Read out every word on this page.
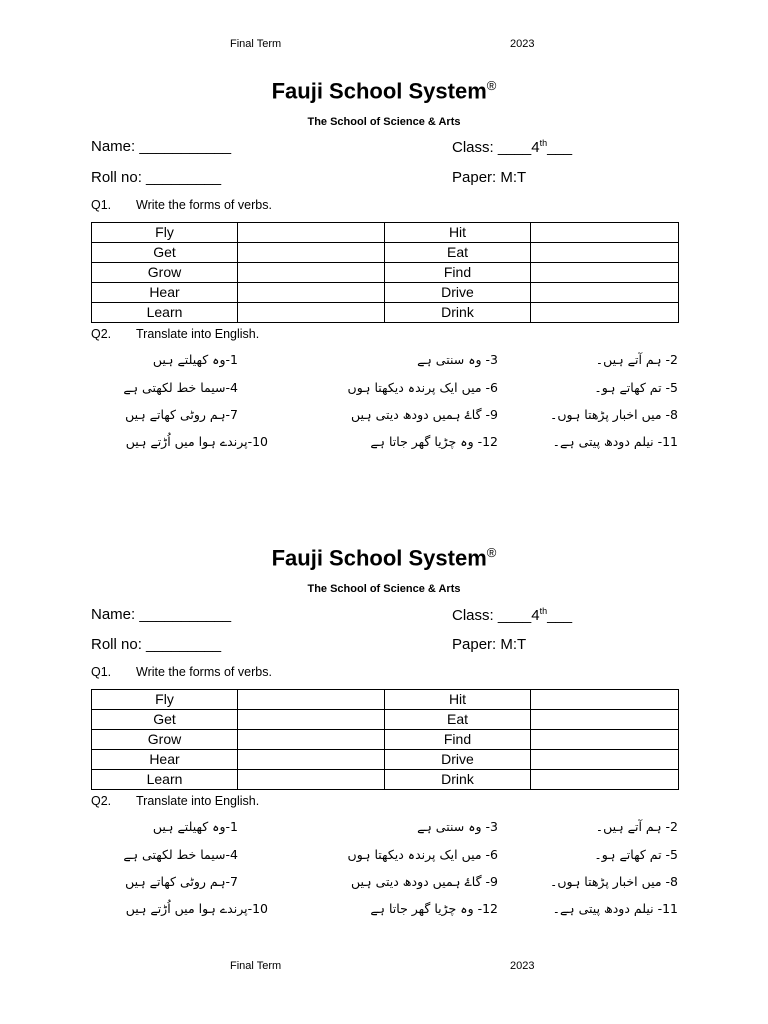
Final Term	2023
Fauji School System®
The School of Science & Arts
Name: ___________	Class: ____4th___
Roll no: _________	Paper: M:T
Q1. Write the forms of verbs.
Fly		Hit	
Get		Eat	
Grow		Find	
Hear		Drive	
Learn		Drink	
Q2. Translate into English.
1-وہ کھیلتے ہیں	3- وہ سنتی ہے	2- ہم آتے ہیں۔
4-سیما خط لکھتی ہے	6- میں ایک پرندہ دیکھتا ہوں	5- تم کھاتے ہو۔
7-ہم روٹی کھاتے ہیں	9- گاۓ ہمیں دودھ دیتی ہیں	8- میں اخبار پڑھتا ہوں۔
10-پرندے ہوا میں اُڑتے ہیں	12- وہ چڑیا گھر جاتا ہے	11- نیلم دودھ پیتی ہے۔
Fauji School System®
The School of Science & Arts
Name: ___________	Class: ____4th___
Roll no: _________	Paper: M:T
Q1. Write the forms of verbs.
Fly		Hit	
Get		Eat	
Grow		Find	
Hear		Drive	
Learn		Drink	
Q2. Translate into English.
1-وہ کھیلتے ہیں	3- وہ سنتی ہے	2- ہم آتے ہیں۔
4-سیما خط لکھتی ہے	6- میں ایک پرندہ دیکھتا ہوں	5- تم کھاتے ہو۔
7-ہم روٹی کھاتے ہیں	9- گاۓ ہمیں دودھ دیتی ہیں	8- میں اخبار پڑھتا ہوں۔
10-پرندے ہوا میں اُڑتے ہیں	12- وہ چڑیا گھر جاتا ہے	11- نیلم دودھ پیتی ہے۔
Final Term	2023
